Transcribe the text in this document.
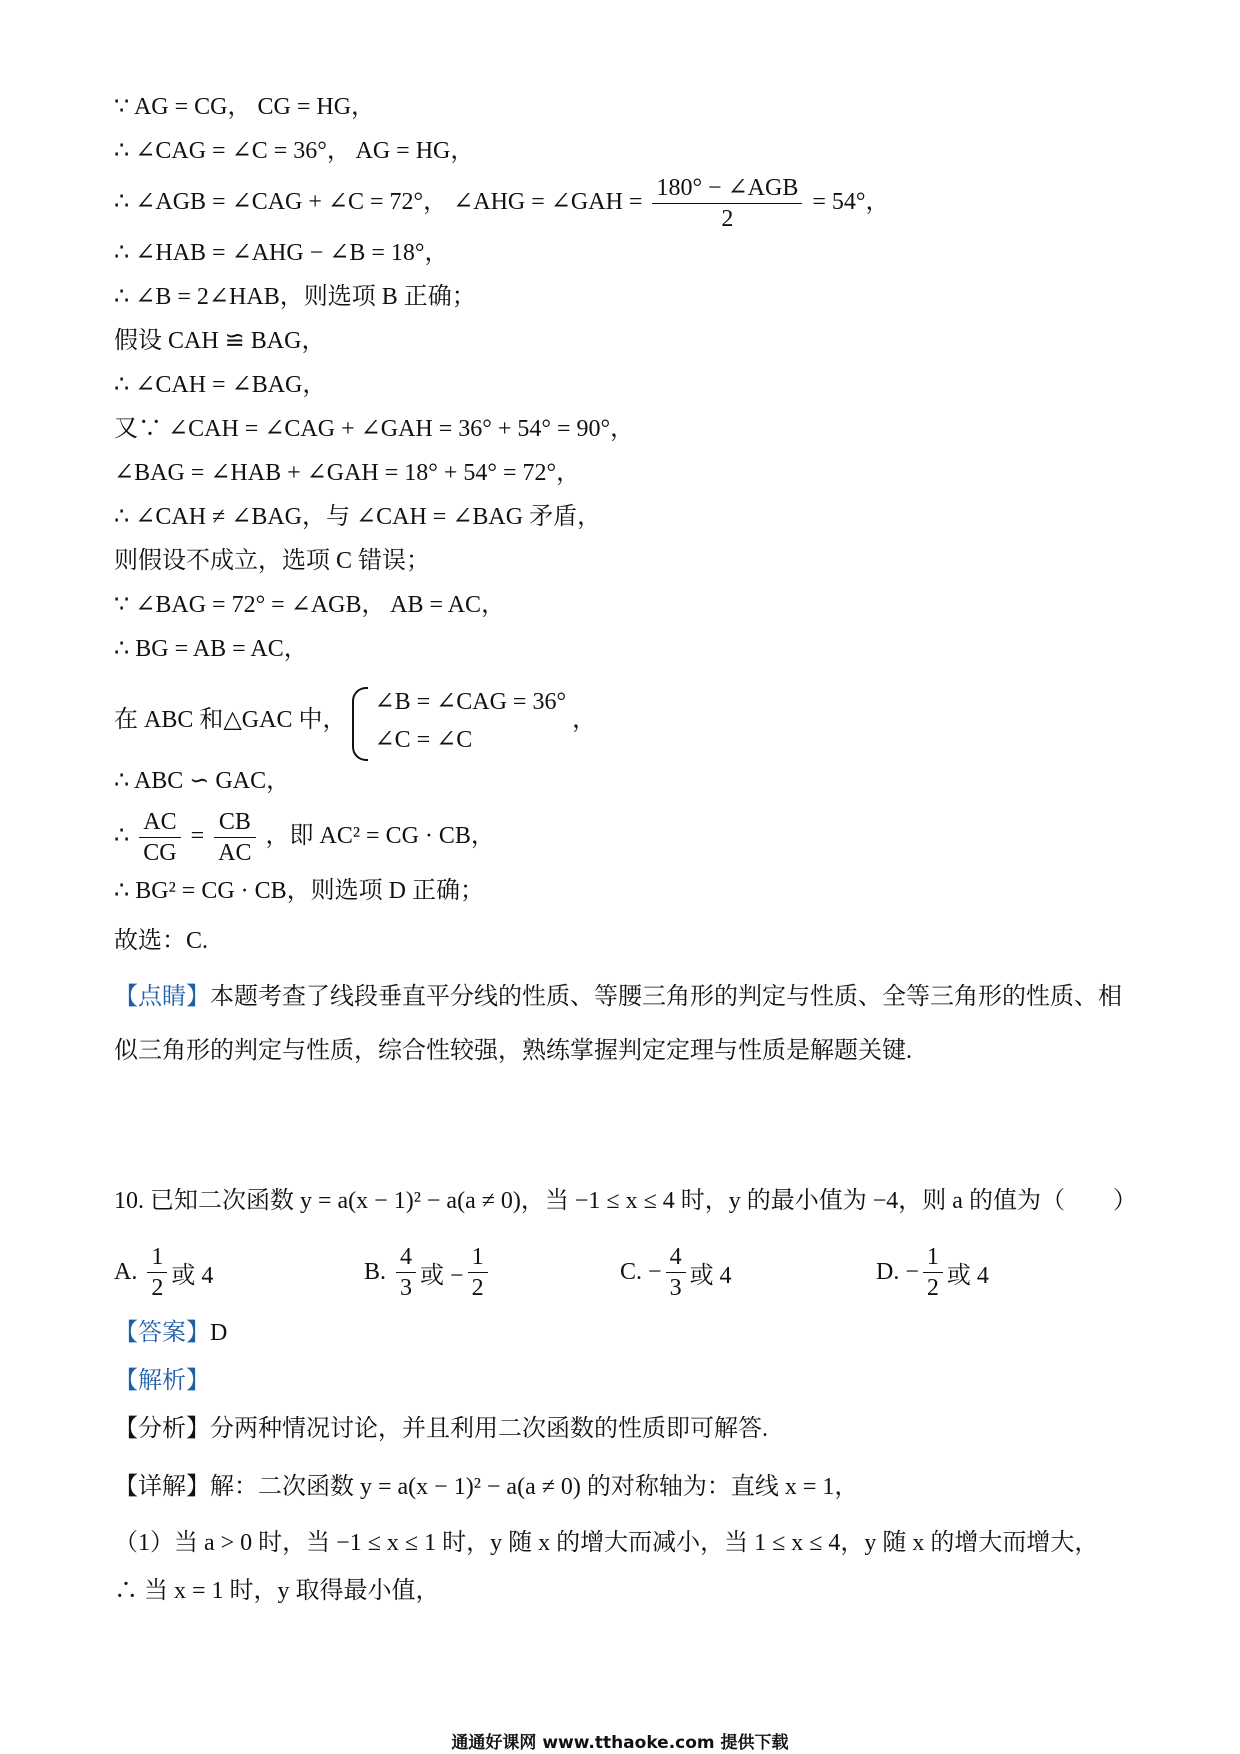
∵ AG = CG， CG = HG，
∴ ∠CAG = ∠C = 36°， AG = HG，
∴ ∠AGB = ∠CAG + ∠C = 72°， ∠AHG = ∠GAH = $\frac{\text{180° − ∠AGB}}{2} = 54^\circ$，
∴ ∠HAB = ∠AHG − ∠B = 18°，
∴ ∠B = 2∠HAB，则选项 B 正确；
假设 CAH ≌ BAG，
∴ ∠CAH = ∠BAG，
又∵ ∠CAH = ∠CAG + ∠GAH = 36° + 54° = 90°，
∠BAG = ∠HAB + ∠GAH = 18° + 54° = 72°，
∴ ∠CAH ≠ ∠BAG，与 ∠CAH = ∠BAG 矛盾，
则假设不成立，选项 C 错误；
∵ ∠BAG = 72° = ∠AGB， AB = AC，
∴ BG = AB = AC，
在 ABC 和△GAC 中，
∠B = ∠CAG = 36°
∠C = ∠C
，
∴ ABC ∽ GAC，
∴ $\frac{AC}{CG} = \frac{CB}{AC}$ ，即 AC² = CG · CB，
∴ BG² = CG · CB，则选项 D 正确；
故选：C.
【点睛】本题考查了线段垂直平分线的性质、等腰三角形的判定与性质、全等三角形的性质、相似三角形的判定与性质，综合性较强，熟练掌握判定定理与性质是解题关键.
10. 已知二次函数 y = a(x − 1)² − a(a ≠ 0)，当 −1 ≤ x ≤ 4 时，y 的最小值为 −4，则 a 的值为（　　）
A.
$\frac{1}{2}$ 或 4	B.
$\frac{4}{3}$ 或 − $\frac{1}{2}$	C.
− $\frac{4}{3}$ 或 4	D.
− $\frac{1}{2}$ 或 4
【答案】D
【解析】
【分析】分两种情况讨论，并且利用二次函数的性质即可解答.
【详解】解：二次函数 y = a(x − 1)² − a(a ≠ 0) 的对称轴为：直线 x = 1，
（1）当 a > 0 时，当 −1 ≤ x ≤ 1 时，y 随 x 的增大而减小，当 1 ≤ x ≤ 4，y 随 x 的增大而增大，
∴ 当 x = 1 时，y 取得最小值，
通通好课网 www.tthaoke.com 提供下载
